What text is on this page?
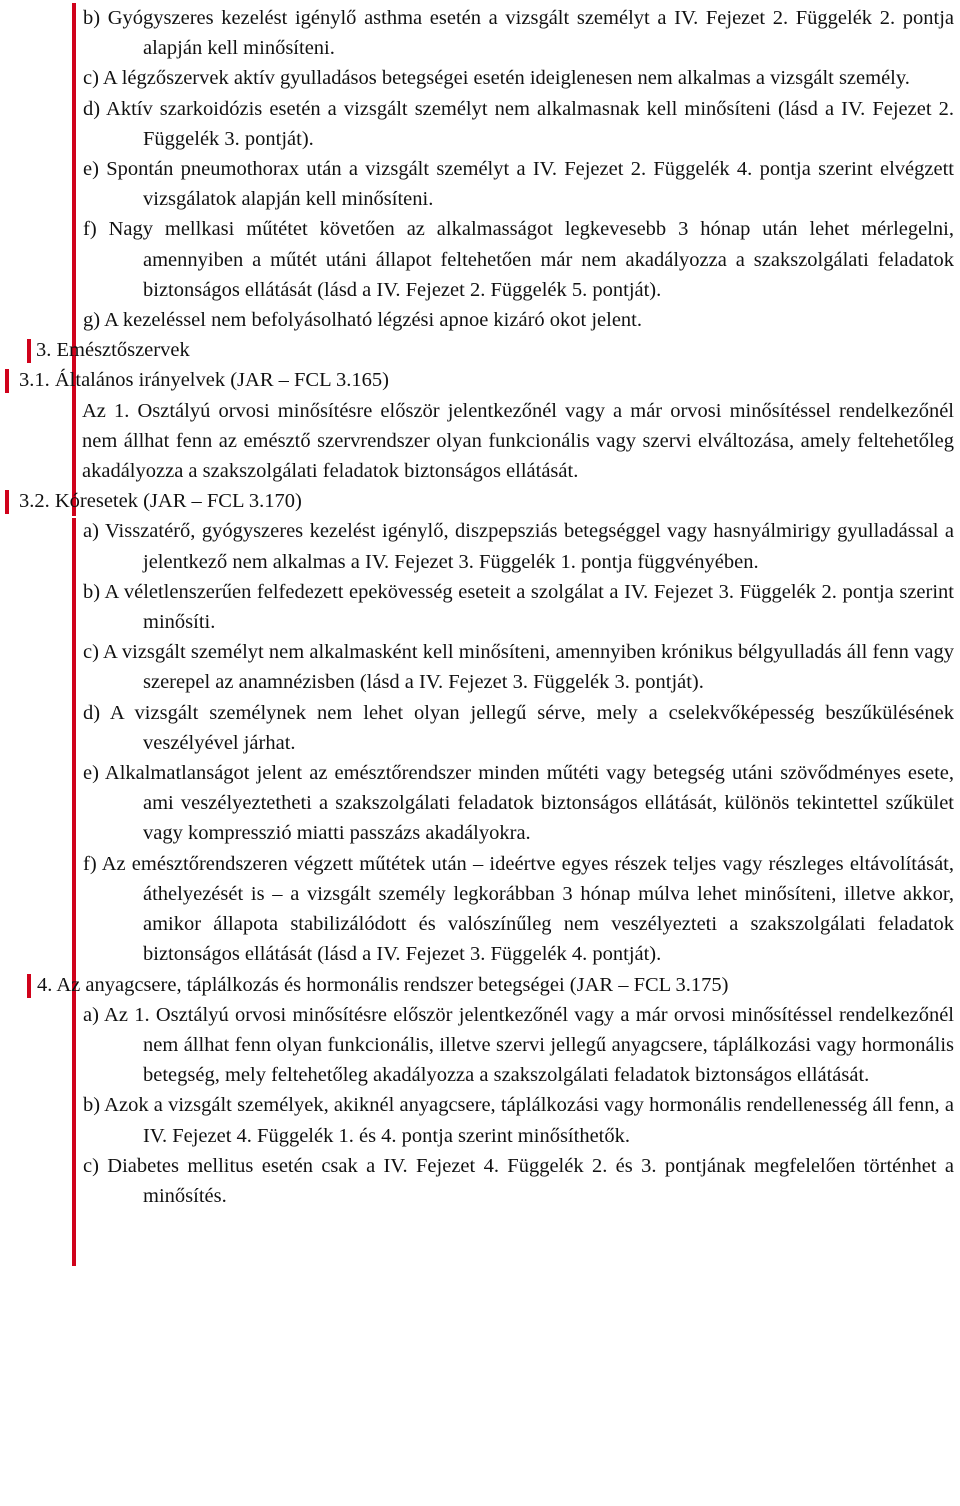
b) Gyógyszeres kezelést igénylő asthma esetén a vizsgált személyt a IV. Fejezet 2. Függelék 2. pontja alapján kell minősíteni.
c) A légzőszervek aktív gyulladásos betegségei esetén ideiglenesen nem alkalmas a vizsgált személy.
d) Aktív szarkoidózis esetén a vizsgált személyt nem alkalmasnak kell minősíteni (lásd a IV. Fejezet 2. Függelék 3. pontját).
e) Spontán pneumothorax után a vizsgált személyt a IV. Fejezet 2. Függelék 4. pontja szerint elvégzett vizsgálatok alapján kell minősíteni.
f) Nagy mellkasi műtétet követően az alkalmasságot legkevesebb 3 hónap után lehet mérlegelni, amennyiben a műtét utáni állapot feltehetően már nem akadályozza a szakszolgálati feladatok biztonságos ellátását (lásd a IV. Fejezet 2. Függelék 5. pontját).
g) A kezeléssel nem befolyásolható légzési apnoe kizáró okot jelent.
3. Emésztőszervek
3.1. Általános irányelvek (JAR – FCL 3.165)
Az 1. Osztályú orvosi minősítésre először jelentkezőnél vagy a már orvosi minősítéssel rendelkezőnél nem állhat fenn az emésztő szervrendszer olyan funkcionális vagy szervi elváltozása, amely feltehetőleg akadályozza a szakszolgálati feladatok biztonságos ellátását.
3.2. Kóresetek (JAR – FCL 3.170)
a) Visszatérő, gyógyszeres kezelést igénylő, diszpepsziás betegséggel vagy hasnyálmirigy gyulladással a jelentkező nem alkalmas a IV. Fejezet 3. Függelék 1. pontja függvényében.
b) A véletlenszerűen felfedezett epekövesség eseteit a szolgálat a IV. Fejezet 3. Függelék 2. pontja szerint minősíti.
c) A vizsgált személyt nem alkalmasként kell minősíteni, amennyiben krónikus bélgyulladás áll fenn vagy szerepel az anamnézisben (lásd a IV. Fejezet 3. Függelék 3. pontját).
d) A vizsgált személynek nem lehet olyan jellegű sérve, mely a cselekvőképesség beszűkülésének veszélyével járhat.
e) Alkalmatlanságot jelent az emésztőrendszer minden műtéti vagy betegség utáni szövődményes esete, ami veszélyeztetheti a szakszolgálati feladatok biztonságos ellátását, különös tekintettel szűkület vagy kompresszió miatti passzázs akadályokra.
f) Az emésztőrendszeren végzett műtétek után – ideértve egyes részek teljes vagy részleges eltávolítását, áthelyezését is – a vizsgált személy legkorábban 3 hónap múlva lehet minősíteni, illetve akkor, amikor állapota stabilizálódott és valószínűleg nem veszélyezteti a szakszolgálati feladatok biztonságos ellátását (lásd a IV. Fejezet 3. Függelék 4. pontját).
4. Az anyagcsere, táplálkozás és hormonális rendszer betegségei (JAR – FCL 3.175)
a) Az 1. Osztályú orvosi minősítésre először jelentkezőnél vagy a már orvosi minősítéssel rendelkezőnél nem állhat fenn olyan funkcionális, illetve szervi jellegű anyagcsere, táplálkozási vagy hormonális betegség, mely feltehetőleg akadályozza a szakszolgálati feladatok biztonságos ellátását.
b) Azok a vizsgált személyek, akiknél anyagcsere, táplálkozási vagy hormonális rendellenesség áll fenn, a IV. Fejezet 4. Függelék 1. és 4. pontja szerint minősíthetők.
c) Diabetes mellitus esetén csak a IV. Fejezet 4. Függelék 2. és 3. pontjának megfelelően történhet a minősítés.
